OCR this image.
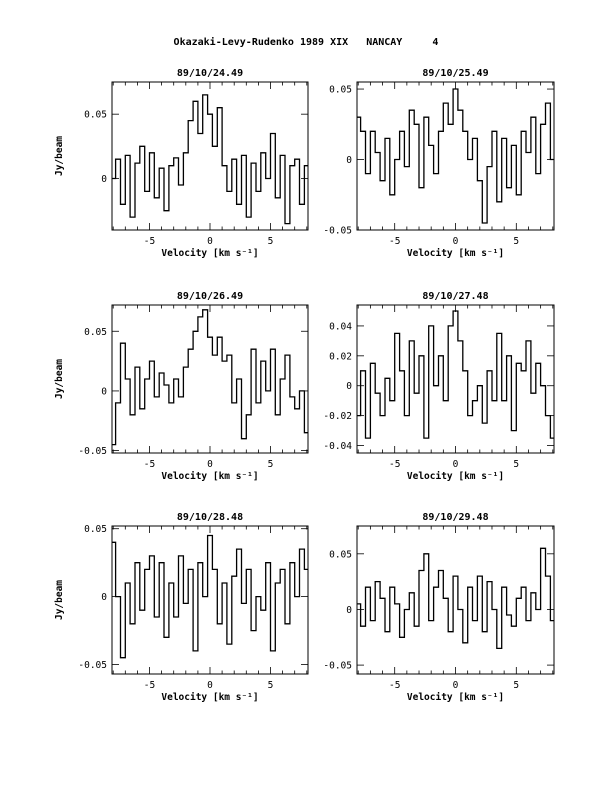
Okazaki-Levy-Rudenko 1989 XIX   NANCAY     4
89/10/24.49
-5	0	5
0
0.05
Velocity [km s⁻¹]
Jy/beam
89/10/25.49
-5	0	5
-0.05
0
0.05
Velocity [km s⁻¹]
89/10/26.49
-5	0	5
-0.05
0
0.05
Velocity [km s⁻¹]
Jy/beam
89/10/27.48
-5	0	5
-0.04
-0.02
0
0.02
0.04
Velocity [km s⁻¹]
89/10/28.48
-5	0	5
-0.05
0
0.05
Velocity [km s⁻¹]
Jy/beam
89/10/29.48
-5	0	5
-0.05
0
0.05
Velocity [km s⁻¹]
